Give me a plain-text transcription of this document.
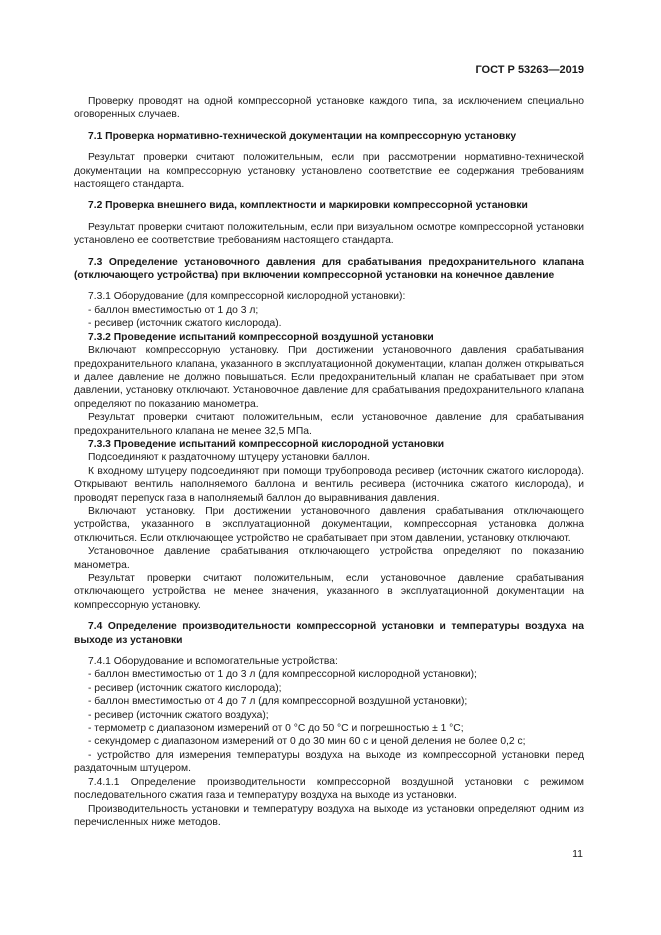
ГОСТ Р 53263—2019

Проверку проводят на одной компрессорной установке каждого типа, за исключением специально оговоренных случаев.

7.1 Проверка нормативно-технической документации на компрессорную установку

Результат проверки считают положительным, если при рассмотрении нормативно-технической документации на компрессорную установку установлено соответствие ее содержания требованиям настоящего стандарта.

7.2 Проверка внешнего вида, комплектности и маркировки компрессорной установки

Результат проверки считают положительным, если при визуальном осмотре компрессорной установки установлено ее соответствие требованиям настоящего стандарта.

7.3 Определение установочного давления для срабатывания предохранительного клапана (отключающего устройства) при включении компрессорной установки на конечное давление

7.3.1 Оборудование (для компрессорной кислородной установки):

- баллон вместимостью от 1 до 3 л;

- ресивер (источник сжатого кислорода).

7.3.2 Проведение испытаний компрессорной воздушной установки

Включают компрессорную установку. При достижении установочного давления срабатывания предохранительного клапана, указанного в эксплуатационной документации, клапан должен открываться и далее давление не должно повышаться. Если предохранительный клапан не срабатывает при этом давлении, установку отключают. Установочное давление для срабатывания предохранительного клапана определяют по показанию манометра.

Результат проверки считают положительным, если установочное давление для срабатывания предохранительного клапана не менее 32,5 МПа.

7.3.3 Проведение испытаний компрессорной кислородной установки

Подсоединяют к раздаточному штуцеру установки баллон.

К входному штуцеру подсоединяют при помощи трубопровода ресивер (источник сжатого кислорода). Открывают вентиль наполняемого баллона и вентиль ресивера (источника сжатого кислорода), и проводят перепуск газа в наполняемый баллон до выравнивания давления.

Включают установку. При достижении установочного давления срабатывания отключающего устройства, указанного в эксплуатационной документации, компрессорная установка должна отключиться. Если отключающее устройство не срабатывает при этом давлении, установку отключают.

Установочное давление срабатывания отключающего устройства определяют по показанию манометра.

Результат проверки считают положительным, если установочное давление срабатывания отключающего устройства не менее значения, указанного в эксплуатационной документации на компрессорную установку.

7.4 Определение производительности компрессорной установки и температуры воздуха на выходе из установки

7.4.1 Оборудование и вспомогательные устройства:

- баллон вместимостью от 1 до 3 л (для компрессорной кислородной установки);

- ресивер (источник сжатого кислорода);

- баллон вместимостью от 4 до 7 л (для компрессорной воздушной установки);

- ресивер (источник сжатого воздуха);

- термометр с диапазоном измерений от 0 °С до 50 °С и погрешностью ± 1 °С;

- секундомер с диапазоном измерений от 0 до 30 мин 60 с и ценой деления не более 0,2 с;

- устройство для измерения температуры воздуха на выходе из компрессорной установки перед раздаточным штуцером.

7.4.1.1 Определение производительности компрессорной воздушной установки с режимом последовательного сжатия газа и температуру воздуха на выходе из установки.

Производительность установки и температуру воздуха на выходе из установки определяют одним из перечисленных ниже методов.

11
